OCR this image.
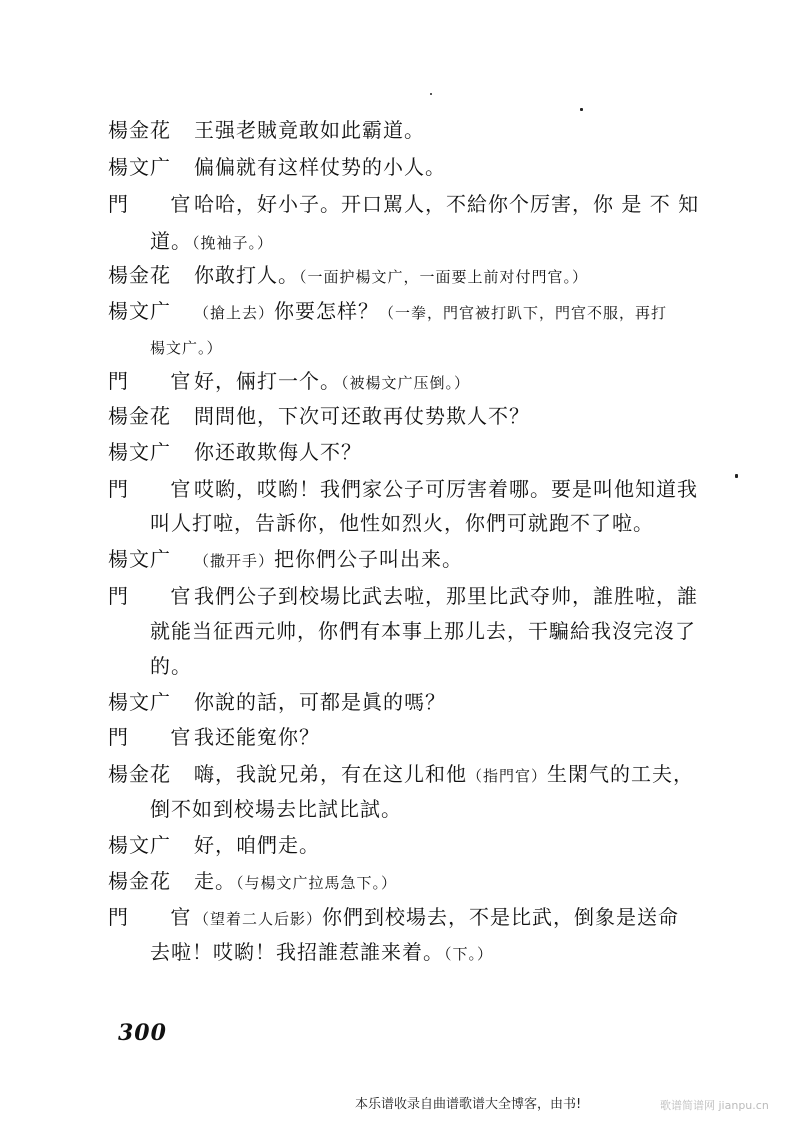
楊金花 王强老賊竟敢如此霸道。
楊文广 偏偏就有这样仗势的小人。
門 官哈哈，好小子。开口駡人，不給你个厉害，你 是 不 知
道。（挽袖子。）
楊金花 你敢打人。（一面护楊文广，一面要上前对付門官。）
楊文广 （搶上去）你要怎样？（一拳，門官被打趴下，門官不服，再打
楊文广。）
門 官好，倆打一个。（被楊文广压倒。）
楊金花 問問他，下次可还敢再仗势欺人不？
楊文广 你还敢欺侮人不？
門 官哎喲，哎喲！我們家公子可厉害着哪。要是叫他知道我
叫人打啦，告訴你，他性如烈火，你們可就跑不了啦。
楊文广 （撒开手）把你們公子叫出来。
門 官我們公子到校場比武去啦，那里比武夺帅，誰胜啦，誰
就能当征西元帅，你們有本事上那儿去，干騙給我沒完沒了
的。
楊文广 你說的話，可都是眞的嗎？
門 官我还能寃你？
楊金花 嗨，我說兄弟，有在这儿和他（指門官）生閑气的工夫，
倒不如到校場去比試比試。
楊文广 好，咱們走。
楊金花 走。（与楊文广拉馬急下。）
門 官（望着二人后影）你們到校場去，不是比武，倒象是送命
去啦！哎喲！我招誰惹誰来着。（下。）
300
本乐谱收录自曲谱歌谱大全博客，由书!	歌谱简谱网 jianpu.cn
